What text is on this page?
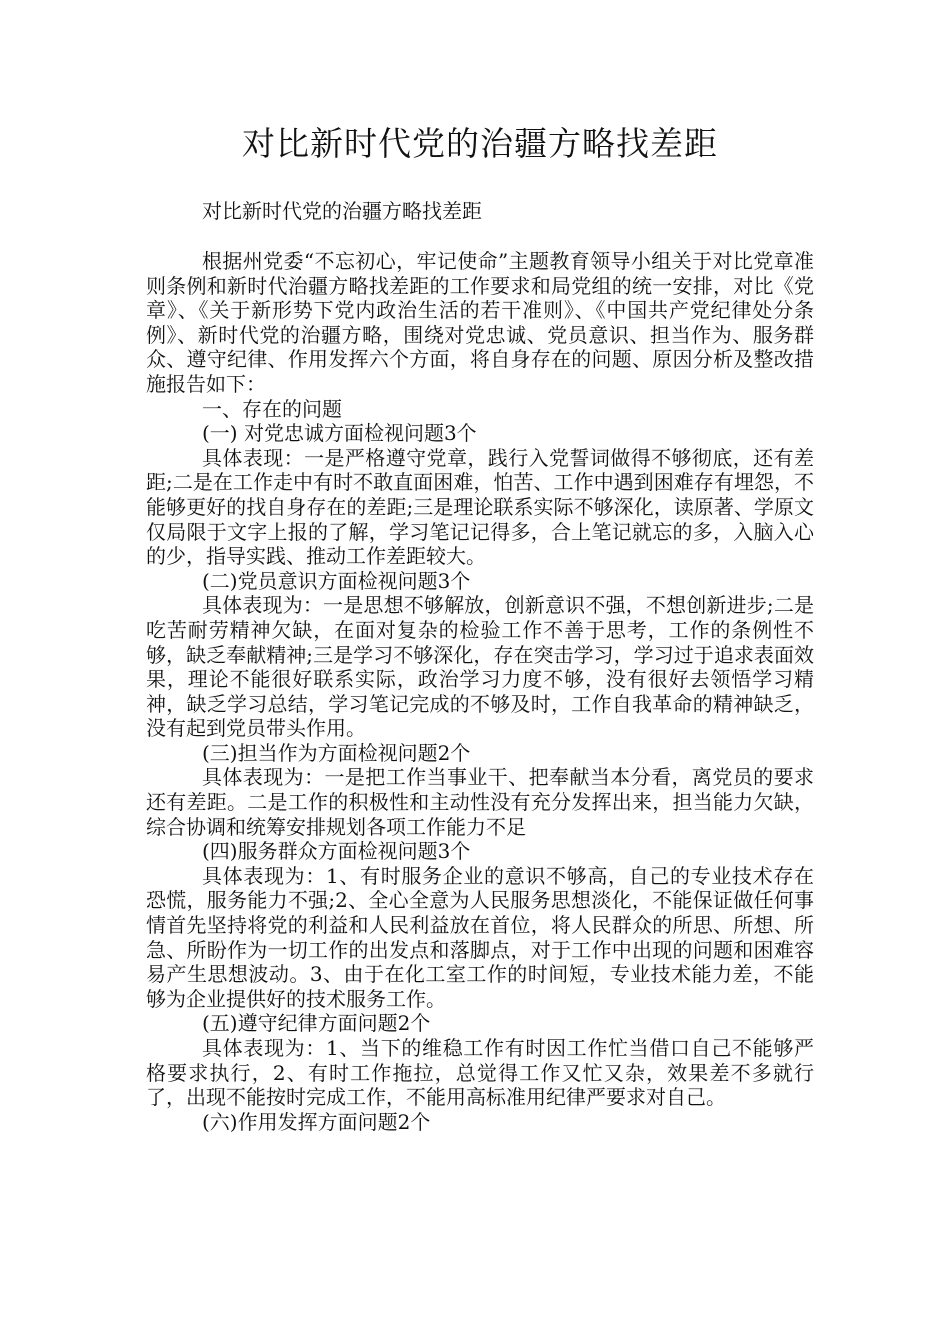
对比新时代党的治疆方略找差距

对比新时代党的治疆方略找差距

根据州党委“不忘初心，牢记使命”主题教育领导小组关于对比党章准则条例和新时代治疆方略找差距的工作要求和局党组的统一安排，对比《党章》、《关于新形势下党内政治生活的若干准则》、《中国共产党纪律处分条例》、新时代党的治疆方略，围绕对党忠诚、党员意识、担当作为、服务群众、遵守纪律、作用发挥六个方面，将自身存在的问题、原因分析及整改措施报告如下：

一、存在的问题

(一) 对党忠诚方面检视问题3个

具体表现：一是严格遵守党章，践行入党誓词做得不够彻底，还有差距;二是在工作走中有时不敢直面困难，怕苦、工作中遇到困难存有埋怨，不能够更好的找自身存在的差距;三是理论联系实际不够深化，读原著、学原文仅局限于文字上报的了解，学习笔记记得多，合上笔记就忘的多，入脑入心的少，指导实践、推动工作差距较大。

(二)党员意识方面检视问题3个

具体表现为：一是思想不够解放，创新意识不强，不想创新进步;二是吃苦耐劳精神欠缺，在面对复杂的检验工作不善于思考，工作的条例性不够，缺乏奉献精神;三是学习不够深化，存在突击学习，学习过于追求表面效果，理论不能很好联系实际，政治学习力度不够，没有很好去领悟学习精神，缺乏学习总结，学习笔记完成的不够及时，工作自我革命的精神缺乏，没有起到党员带头作用。

(三)担当作为方面检视问题2个

具体表现为：一是把工作当事业干、把奉献当本分看，离党员的要求还有差距。二是工作的积极性和主动性没有充分发挥出来，担当能力欠缺，综合协调和统筹安排规划各项工作能力不足

(四)服务群众方面检视问题3个

具体表现为：1、有时服务企业的意识不够高，自己的专业技术存在恐慌，服务能力不强;2、全心全意为人民服务思想淡化，不能保证做任何事情首先坚持将党的利益和人民利益放在首位，将人民群众的所思、所想、所急、所盼作为一切工作的出发点和落脚点，对于工作中出现的问题和困难容易产生思想波动。3、由于在化工室工作的时间短，专业技术能力差，不能够为企业提供好的技术服务工作。

(五)遵守纪律方面问题2个

具体表现为：1、当下的维稳工作有时因工作忙当借口自己不能够严格要求执行，2、有时工作拖拉，总觉得工作又忙又杂，效果差不多就行了，出现不能按时完成工作，不能用高标准用纪律严要求对自己。

(六)作用发挥方面问题2个
